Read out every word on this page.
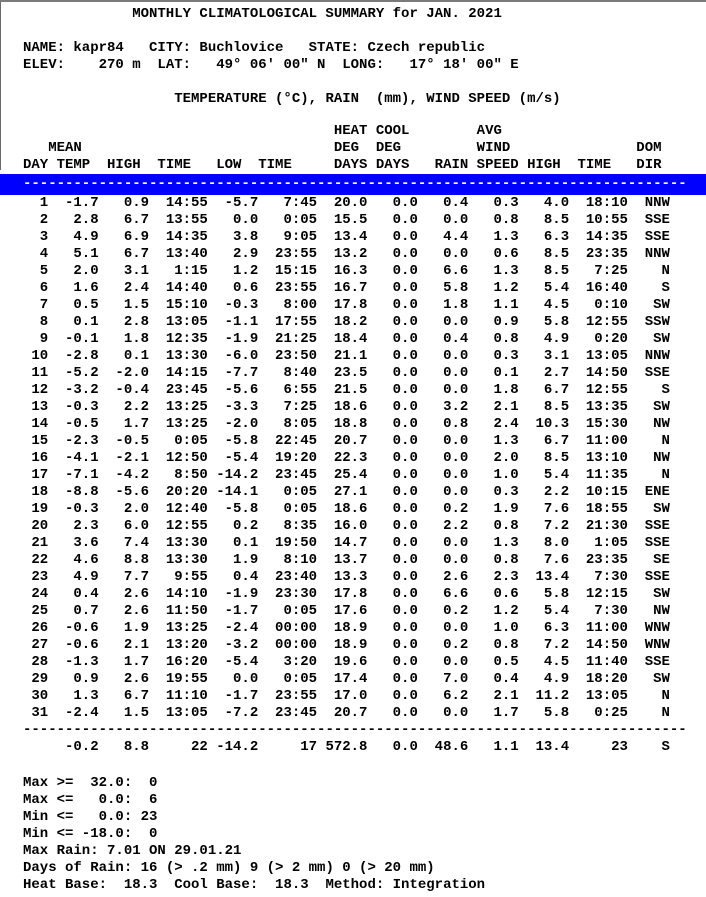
MONTHLY CLIMATOLOGICAL SUMMARY for JAN. 2021
NAME: kapr84   CITY: Buchlovice   STATE: Czech republic
ELEV:    270 m  LAT:   49° 06' 00" N  LONG:   17° 18' 00" E
TEMPERATURE (°C), RAIN  (mm), WIND SPEED (m/s)
HEAT COOL        AVG
MEAN                              DEG  DEG         WIND               DOM
DAY TEMP  HIGH  TIME   LOW  TIME     DAYS DAYS   RAIN SPEED HIGH  TIME   DIR
-------------------------------------------------------------------------------
1  -1.7   0.9  14:55  -5.7   7:45  20.0   0.0   0.4   0.3   4.0  18:10  NNW
2   2.8   6.7  13:55   0.0   0:05  15.5   0.0   0.0   0.8   8.5  10:55  SSE
3   4.9   6.9  14:35   3.8   9:05  13.4   0.0   4.4   1.3   6.3  14:35  SSE
4   5.1   6.7  13:40   2.9  23:55  13.2   0.0   0.0   0.6   8.5  23:35  NNW
5   2.0   3.1   1:15   1.2  15:15  16.3   0.0   6.6   1.3   8.5   7:25    N
6   1.6   2.4  14:40   0.6  23:55  16.7   0.0   5.8   1.2   5.4  16:40    S
7   0.5   1.5  15:10  -0.3   8:00  17.8   0.0   1.8   1.1   4.5   0:10   SW
8   0.1   2.8  13:05  -1.1  17:55  18.2   0.0   0.0   0.9   5.8  12:55  SSW
9  -0.1   1.8  12:35  -1.9  21:25  18.4   0.0   0.4   0.8   4.9   0:20   SW
10  -2.8   0.1  13:30  -6.0  23:50  21.1   0.0   0.0   0.3   3.1  13:05  NNW
11  -5.2  -2.0  14:15  -7.7   8:40  23.5   0.0   0.0   0.1   2.7  14:50  SSE
12  -3.2  -0.4  23:45  -5.6   6:55  21.5   0.0   0.0   1.8   6.7  12:55    S
13  -0.3   2.2  13:25  -3.3   7:25  18.6   0.0   3.2   2.1   8.5  13:35   SW
14  -0.5   1.7  13:25  -2.0   8:05  18.8   0.0   0.8   2.4  10.3  15:30   NW
15  -2.3  -0.5   0:05  -5.8  22:45  20.7   0.0   0.0   1.3   6.7  11:00    N
16  -4.1  -2.1  12:50  -5.4  19:20  22.3   0.0   0.0   2.0   8.5  13:10   NW
17  -7.1  -4.2   8:50 -14.2  23:45  25.4   0.0   0.0   1.0   5.4  11:35    N
18  -8.8  -5.6  20:20 -14.1   0:05  27.1   0.0   0.0   0.3   2.2  10:15  ENE
19  -0.3   2.0  12:40  -5.8   0:05  18.6   0.0   0.2   1.9   7.6  18:55   SW
20   2.3   6.0  12:55   0.2   8:35  16.0   0.0   2.2   0.8   7.2  21:30  SSE
21   3.6   7.4  13:30   0.1  19:50  14.7   0.0   0.0   1.3   8.0   1:05  SSE
22   4.6   8.8  13:30   1.9   8:10  13.7   0.0   0.0   0.8   7.6  23:35   SE
23   4.9   7.7   9:55   0.4  23:40  13.3   0.0   2.6   2.3  13.4   7:30  SSE
24   0.4   2.6  14:10  -1.9  23:30  17.8   0.0   6.6   0.6   5.8  12:15   SW
25   0.7   2.6  11:50  -1.7   0:05  17.6   0.0   0.2   1.2   5.4   7:30   NW
26  -0.6   1.9  13:25  -2.4  00:00  18.9   0.0   0.0   1.0   6.3  11:00  WNW
27  -0.6   2.1  13:20  -3.2  00:00  18.9   0.0   0.2   0.8   7.2  14:50  WNW
28  -1.3   1.7  16:20  -5.4   3:20  19.6   0.0   0.0   0.5   4.5  11:40  SSE
29   0.9   2.6  19:55   0.0   0:05  17.4   0.0   7.0   0.4   4.9  18:20   SW
30   1.3   6.7  11:10  -1.7  23:55  17.0   0.0   6.2   2.1  11.2  13:05    N
31  -2.4   1.5  13:05  -7.2  23:45  20.7   0.0   0.0   1.7   5.8   0:25    N
-------------------------------------------------------------------------------
-0.2   8.8     22 -14.2     17 572.8   0.0  48.6   1.1  13.4     23    S
Max >=  32.0:  0
Max <=   0.0:  6
Min <=   0.0: 23
Min <= -18.0:  0
Max Rain: 7.01 ON 29.01.21
Days of Rain: 16 (> .2 mm) 9 (> 2 mm) 0 (> 20 mm)
Heat Base:  18.3  Cool Base:  18.3  Method: Integration
